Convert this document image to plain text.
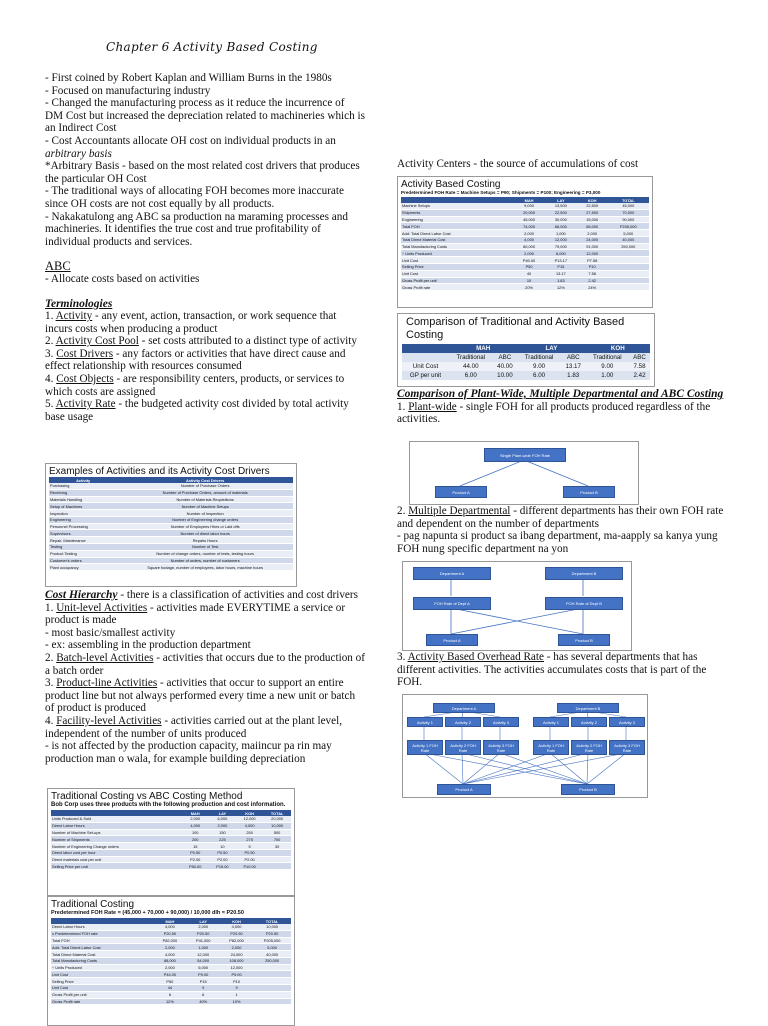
Chapter 6 Activity Based Costing

- First coined by Robert Kaplan and William Burns in the 1980s

- Focused on manufacturing industry

- Changed the manufacturing process as it reduce the incurrence of DM Cost but increased the depreciation related to machineries which is an Indirect Cost

- Cost Accountants allocate OH cost on individual products in an

arbitrary basis

*Arbitrary Basis - based on the most related cost drivers that produces the particular OH Cost

- The traditional ways of allocating FOH becomes more inaccurate since OH costs are not cost equally by all products.

- Nakakatulong ang ABC sa production na maraming processes and machineries. It identifies the true cost and true profitability of individual products and services.

ABC

- Allocate costs based on activities

Terminologies

1. Activity - any event, action, transaction, or work sequence that incurs costs when producing a product

2. Activity Cost Pool - set costs attributed to a distinct type of activity

3. Cost Drivers - any factors or activities that have direct cause and effect relationship with resources consumed

4. Cost Objects - are responsibility centers, products, or services to which costs are assigned

5. Activity Rate - the budgeted activity cost divided by total activity base usage

Examples of Activities and its Activity Cost Drivers
Activity	Activity Cost Drivers
Purchasing	Number of Purchase Orders
Receiving	Number of Purchase Orders, amount of materials
Materials Handling	Number of Materials Requisitions
Setup of Machines	Number of Machine Setups
Inspection	Number of Inspection
Engineering	Number of Engineering change orders
Personnel Processing	Number of Employees Hires or Laid offs
Supervisors	Number of direct labor hours
Repair, Maintenance	Repairs Hours
Testing	Number of Test
Product Testing	Number of change orders, number of tests, testing hours
Customer's orders	Number of orders, number of customers
Plant occupancy	Square footage, number of employees, labor hours, machine hours

Cost Hierarchy - there is a classification of activities and cost drivers

1. Unit-level Activities - activities made EVERYTIME a service or product is made

- most basic/smallest activity

- ex: assembling in the production department

2. Batch-level Activities - activities that occurs due to the production of a batch order

3. Product-line Activities - activities that occur to support an entire product line but not always performed every time a new unit or batch of product is produced

4. Facility-level Activities - activities carried out at the plant level, independent of the number of units produced

- is not affected by the production capacity, maiincur pa rin may production man o wala, for example building depreciation

Traditional Costing vs ABC Costing Method
Bob Corp uses three products with the following production and cost information.
	MAH	LAY	KOH	TOTAL
Units Produced & Sold	2,000	6,000	12,000	20,000
Direct Labor Hours	4,000	2,000	4,000	10,000
Number of Machine Set-ups	100	150	250	500
Number of Shipments	200	225	275	700
Number of Engineering Change orders	15	10	5	30
Direct labor cost per hour	P0.50	P0.50	P0.50	
Direct materials cost per unit	P2.00	P2.00	P2.00	
Selling Price per unit	P50.00	P15.00	P10.00	
Traditional Costing
Predetermined FOH Rate = (45,000 + 70,000 + 90,000) / 10,000 dlh = P20.50
	MAH	LAY	KOH	TOTAL
Direct Labor Hours	4,000	2,000	4,000	10,000
x Predetermined FOH rate	P20.50	P20.50	P20.50	P20.50
Total FOH	P82,000	P41,000	P82,000	P205,000
Add: Total Direct Labor Cost	2,000	1,000	2,000	5,000
Total Direct Material Cost	4,000	12,000	24,000	40,000
Total Manufacturing Costs	88,000	54,000	108,000	250,000
÷ Units Produced	2,000	6,000	12,000	
Unit Cost	P44.00	P9.00	P9.00	
Selling Price	P50	P15	P10	
Unit Cost	44	9	9	
Gross Profit per unit	6	6	1	
Gross Profit rate	12%	40%	10%	
Activity Centers - the source of accumulations of cost
Activity Based Costing
Predetermined FOH Rate = Machine Setups = P90; Shipments = P100; Engineering = P3,000
	MAH	LAY	KOH	TOTAL
Machine Setups	9,000	13,500	22,500	45,000
Shipments	20,000	22,500	27,500	70,000
Engineering	45,000	30,000	15,000	90,000
Total FOH	74,000	66,000	65,000	P205,000
Add: Total Direct Labor Cost	2,000	1,000	2,000	5,000
Total Direct Material Cost	4,000	12,000	24,000	40,000
Total Manufacturing Costs	80,000	79,000	91,000	250,000
÷ Units Produced	2,000	6,000	12,000	
Unit Cost	P40.00	P13.17	P7.58	
Selling Price	P50	P15	P10	
Unit Cost	40	13.17	7.58	
Gross Profit per unit	10	1.83	2.42	
Gross Profit rate	20%	12%	24%	
Comparison of Traditional and Activity Based Costing
	MAH		LAY		KOH	
	Traditional	ABC	Traditional	ABC	Traditional	ABC
Unit Cost	44.00	40.00	9.00	13.17	9.00	7.58
GP per unit	6.00	10.00	6.00	1.83	1.00	2.42

Comparison of Plant-Wide, Multiple Departmental and ABC Costing

1. Plant-wide - single FOH for all products produced regardless of the activities.

Single Plant-wide FOH Rate
Product A	Product B

2. Multiple Departmental - different departments has their own FOH rate and dependent on the number of departments

- pag napunta si product sa ibang department, ma-aapply sa kanya yung FOH nung specific department na yon

Department A	Department B
FOH Rate of Dept A	FOH Rate of Dept B
Product A	Product B

3. Activity Based Overhead Rate - has several departments that has different activities. The activities accumulates costs that is part of the FOH.

Department A	Department B
Activity 1	Activity 2	Activity 3	Activity 1	Activity 2	Activity 3
Activity 1 FOH Rate
Activity 2 FOH Rate
Activity 3 FOH Rate
Activity 1 FOH Rate
Activity 2 FOH Rate
Activity 3 FOH Rate
Product A	Product B
